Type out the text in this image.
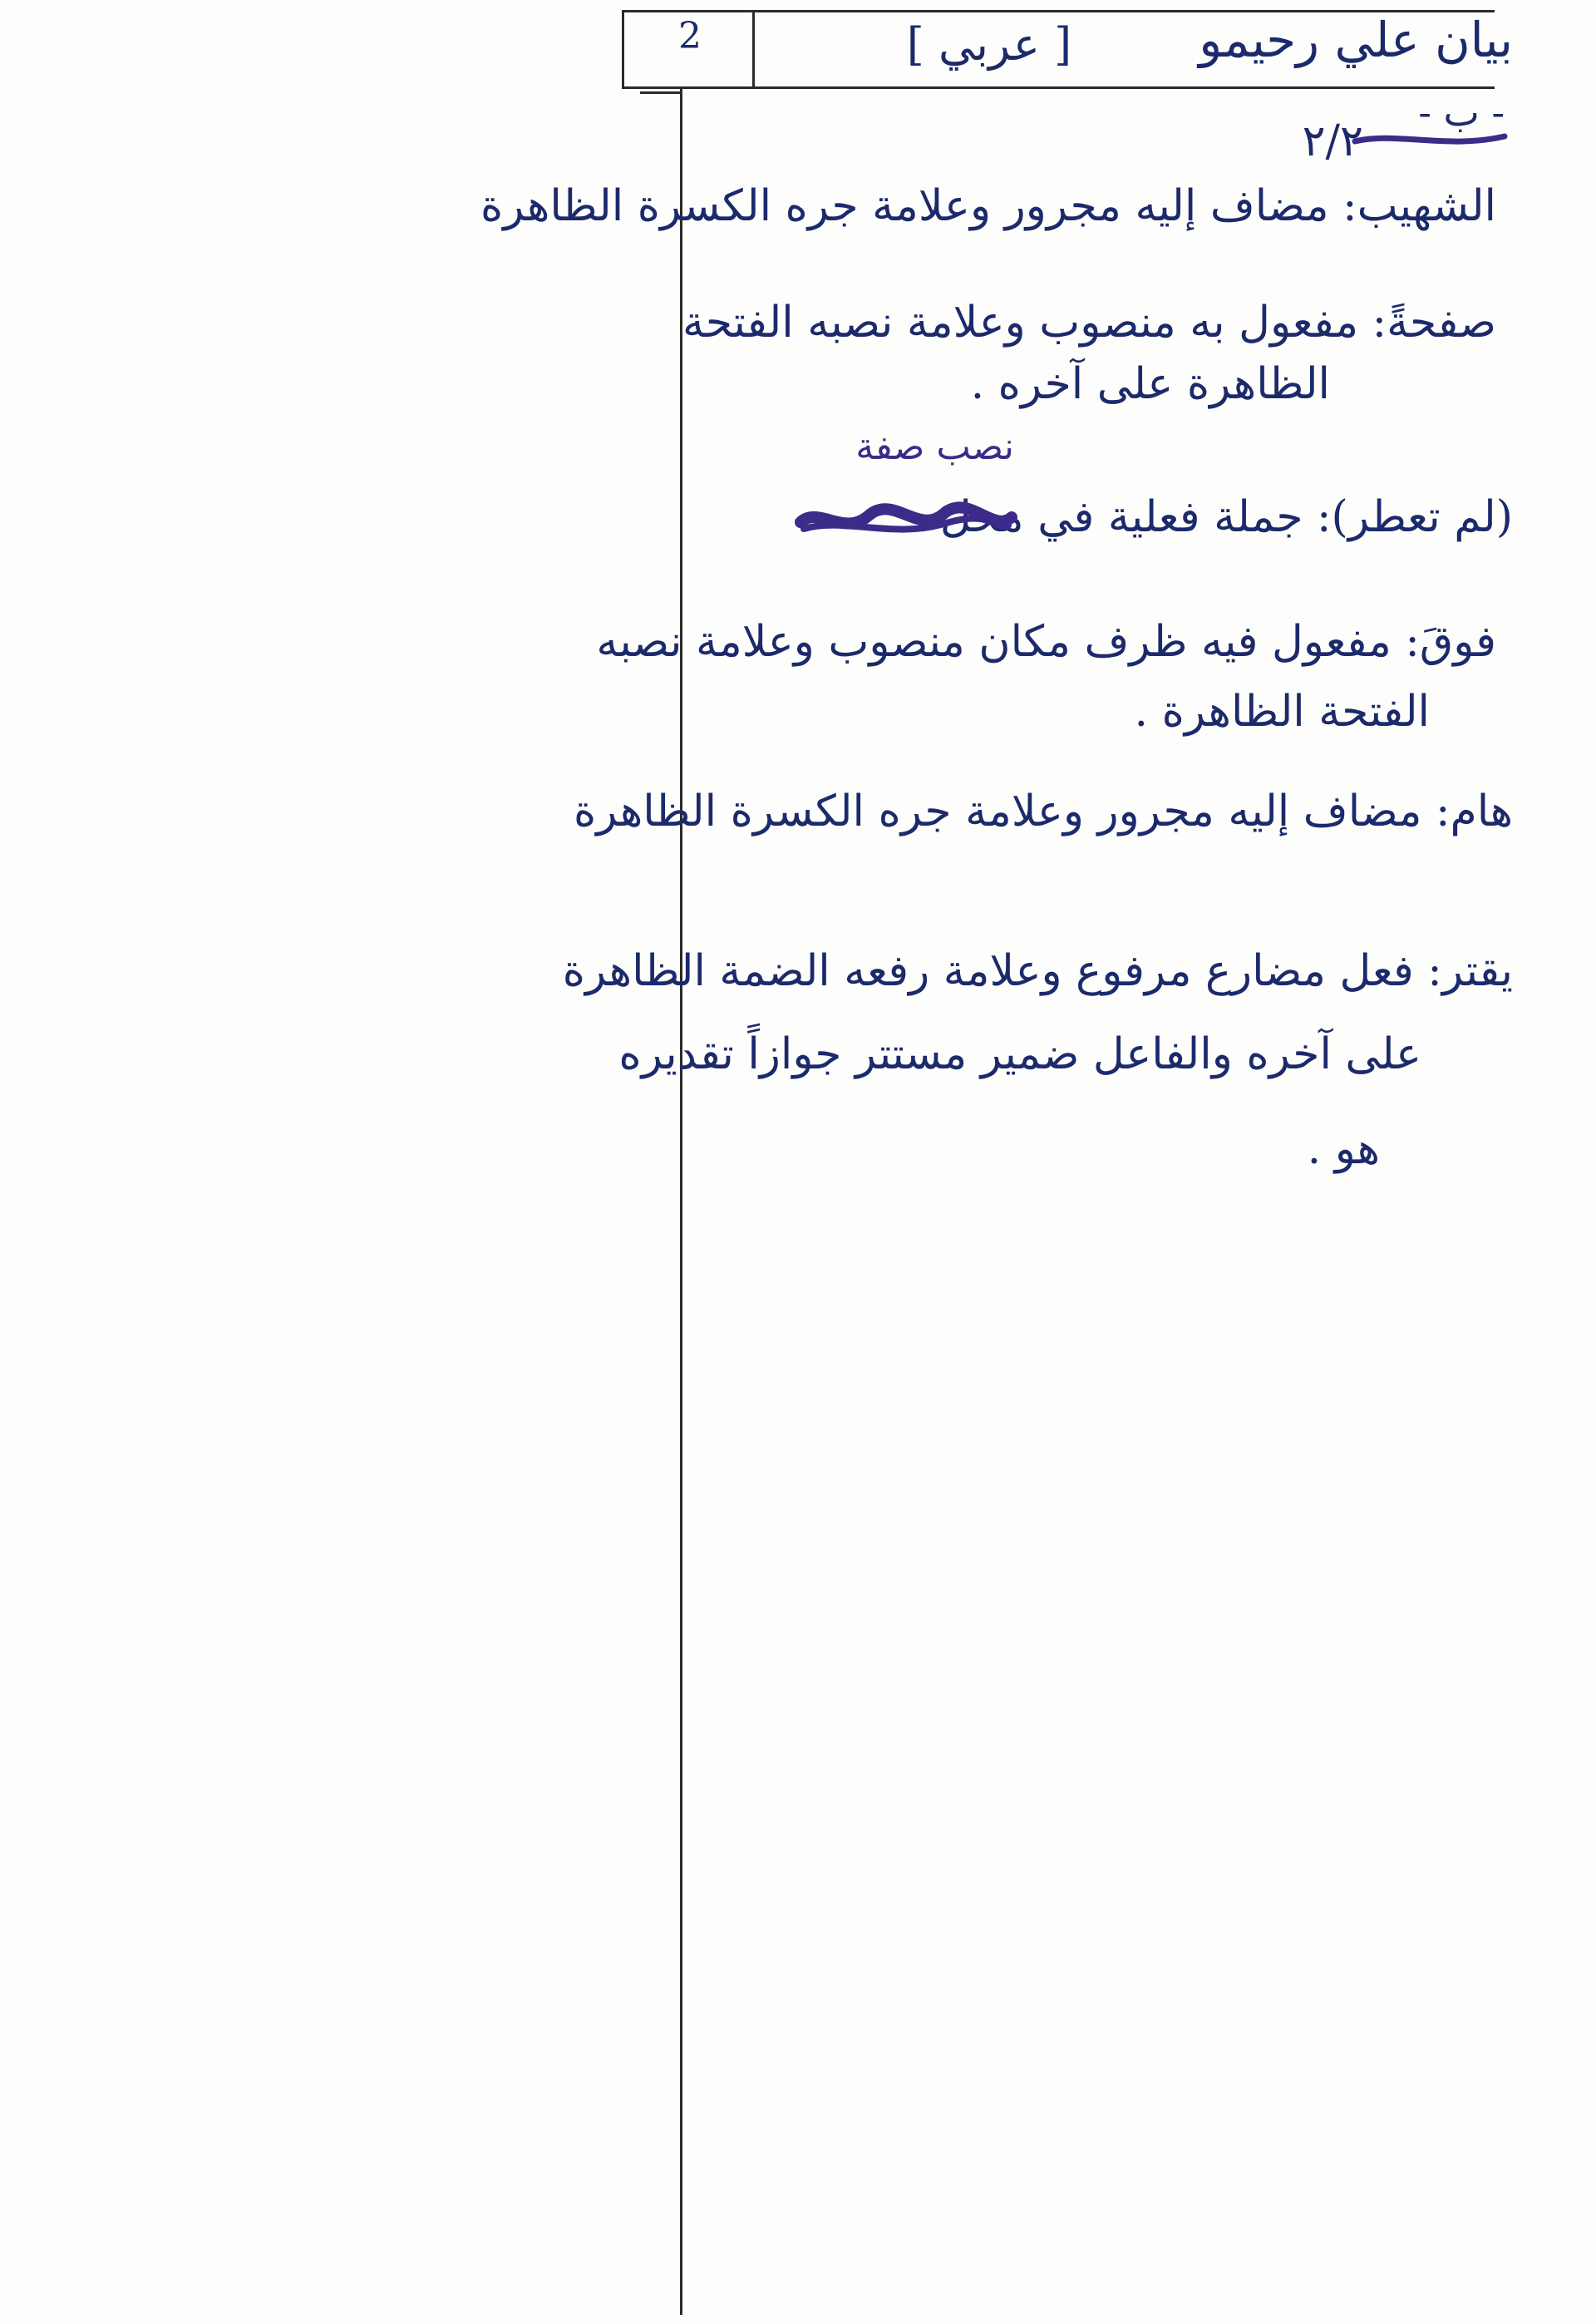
2	[ عربي ]	بيان علي رحيمو
- ب -
٢/٢
الشهيب: مضاف إليه مجرور وعلامة جره الكسرة الظاهرة
صفحةً: مفعول به منصوب وعلامة نصبه الفتحة
الظاهرة على آخره .
نصب صفة
(لم تعطر): جملة فعلية في محل
فوقَ: مفعول فيه ظرف مكان منصوب وعلامة نصبه
الفتحة الظاهرة .
هام: مضاف إليه مجرور وعلامة جره الكسرة الظاهرة
يقتر: فعل مضارع مرفوع وعلامة رفعه الضمة الظاهرة
على آخره والفاعل ضمير مستتر جوازاً تقديره
هو .
